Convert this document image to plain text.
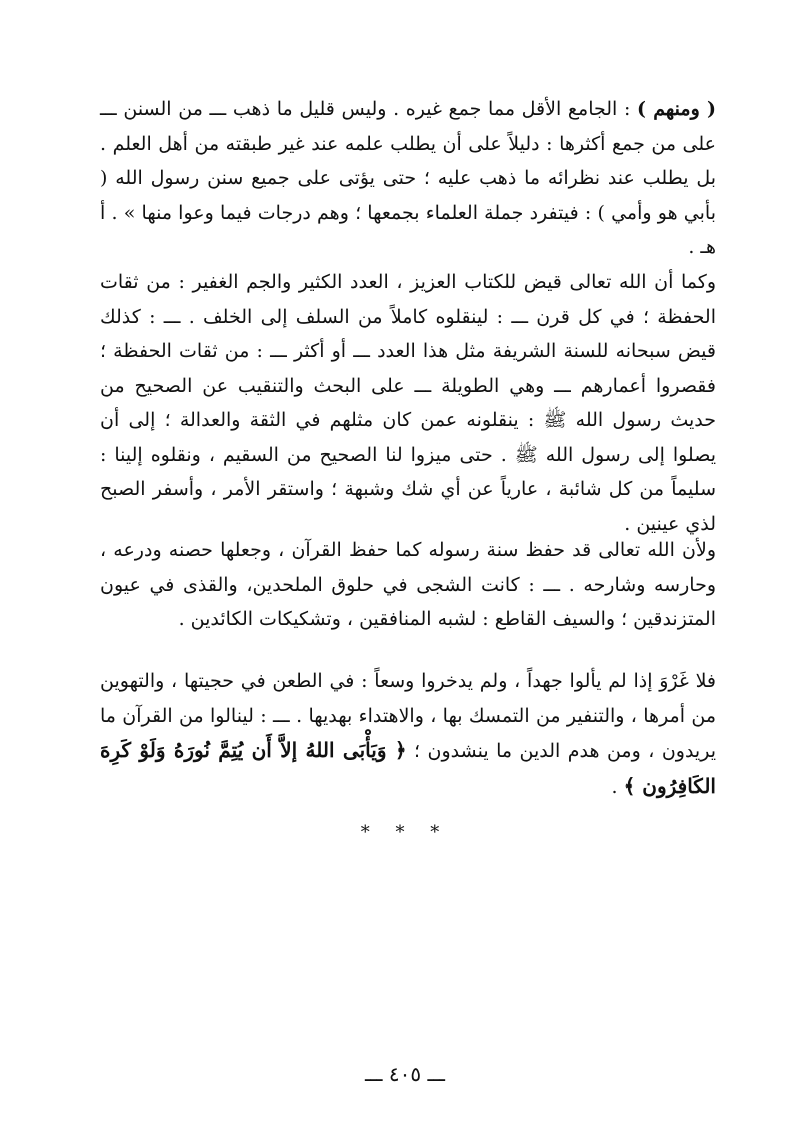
( ومنهم ) : الجامع الأقل مما جمع غيره . وليس قليل ما ذهب ـــ من السنن ـــ على من جمع أكثرها : دليلاً على أن يطلب علمه عند غير طبقته من أهل العلم . بل يطلب عند نظرائه ما ذهب عليه ؛ حتى يؤتى على جميع سنن رسول الله ( بأبي هو وأمي ) : فيتفرد جملة العلماء بجمعها ؛ وهم درجات فيما وعوا منها » . أ هـ .

وكما أن الله تعالى قيض للكتاب العزيز ، العدد الكثير والجم الغفير : من ثقات الحفظة ؛ في كل قرن ـــ : لينقلوه كاملاً من السلف إلى الخلف . ـــ : كذلك قيض سبحانه للسنة الشريفة مثل هذا العدد ـــ أو أكثر ـــ : من ثقات الحفظة ؛ فقصروا أعمارهم ـــ وهي الطويلة ـــ على البحث والتنقيب عن الصحيح من حديث رسول الله ﷺ : ينقلونه عمن كان مثلهم في الثقة والعدالة ؛ إلى أن يصلوا إلى رسول الله ﷺ . حتى ميزوا لنا الصحيح من السقيم ، ونقلوه إلينا : سليماً من كل شائبة ، عارياً عن أي شك وشبهة ؛ واستقر الأمر ، وأسفر الصبح لذي عينين .

ولأن الله تعالى قد حفظ سنة رسوله كما حفظ القرآن ، وجعلها حصنه ودرعه ، وحارسه وشارحه . ـــ : كانت الشجى في حلوق الملحدين، والقذى في عيون المتزندقين ؛ والسيف القاطع : لشبه المنافقين ، وتشكيكات الكائدين .

فلا غَرْوَ إذا لم يألوا جهداً ، ولم يدخروا وسعاً : في الطعن في حجيتها ، والتهوين من أمرها ، والتنفير من التمسك بها ، والاهتداء بهديها . ـــ : لينالوا من القرآن ما يريدون ، ومن هدم الدين ما ينشدون ؛ ﴿ وَيَأْبَى اللهُ إلاَّ أَن يُتِمَّ نُورَهُ وَلَوْ كَرِهَ الكَافِرُون ﴾ .

* * *
ـــ ٤٠٥ ـــ
